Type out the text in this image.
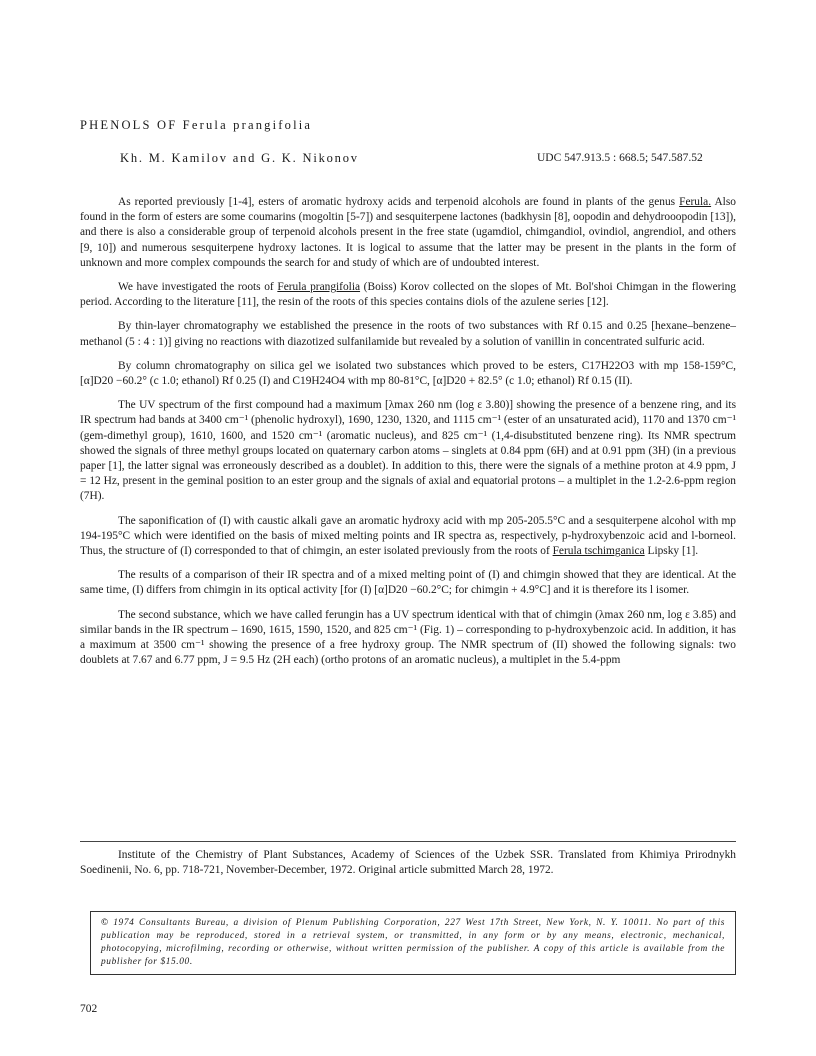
PHENOLS OF Ferula prangifolia
Kh. M. Kamilov and G. K. Nikonov	UDC 547.913.5 : 668.5; 547.587.52

As reported previously [1-4], esters of aromatic hydroxy acids and terpenoid alcohols are found in plants of the genus Ferula. Also found in the form of esters are some coumarins (mogoltin [5-7]) and sesquiterpene lactones (badkhysin [8], oopodin and dehydrooopodin [13]), and there is also a considerable group of terpenoid alcohols present in the free state (ugamdiol, chimgandiol, ovindiol, angrendiol, and others [9, 10]) and numerous sesquiterpene hydroxy lactones. It is logical to assume that the latter may be present in the plants in the form of unknown and more complex compounds the search for and study of which are of undoubted interest.

We have investigated the roots of Ferula prangifolia (Boiss) Korov collected on the slopes of Mt. Bol'shoi Chimgan in the flowering period. According to the literature [11], the resin of the roots of this species contains diols of the azulene series [12].

By thin-layer chromatography we established the presence in the roots of two substances with Rf 0.15 and 0.25 [hexane–benzene–methanol (5 : 4 : 1)] giving no reactions with diazotized sulfanilamide but revealed by a solution of vanillin in concentrated sulfuric acid.

By column chromatography on silica gel we isolated two substances which proved to be esters, C17H22O3 with mp 158-159°C, [α]D20 −60.2° (c 1.0; ethanol) Rf 0.25 (I) and C19H24O4 with mp 80-81°C, [α]D20 + 82.5° (c 1.0; ethanol) Rf 0.15 (II).

The UV spectrum of the first compound had a maximum [λmax 260 nm (log ε 3.80)] showing the presence of a benzene ring, and its IR spectrum had bands at 3400 cm⁻¹ (phenolic hydroxyl), 1690, 1230, 1320, and 1115 cm⁻¹ (ester of an unsaturated acid), 1170 and 1370 cm⁻¹ (gem-dimethyl group), 1610, 1600, and 1520 cm⁻¹ (aromatic nucleus), and 825 cm⁻¹ (1,4-disubstituted benzene ring). Its NMR spectrum showed the signals of three methyl groups located on quaternary carbon atoms – singlets at 0.84 ppm (6H) and at 0.91 ppm (3H) (in a previous paper [1], the latter signal was erroneously described as a doublet). In addition to this, there were the signals of a methine proton at 4.9 ppm, J = 12 Hz, present in the geminal position to an ester group and the signals of axial and equatorial protons – a multiplet in the 1.2-2.6-ppm region (7H).

The saponification of (I) with caustic alkali gave an aromatic hydroxy acid with mp 205-205.5°C and a sesquiterpene alcohol with mp 194-195°C which were identified on the basis of mixed melting points and IR spectra as, respectively, p-hydroxybenzoic acid and l-borneol. Thus, the structure of (I) corresponded to that of chimgin, an ester isolated previously from the roots of Ferula tschimganica Lipsky [1].

The results of a comparison of their IR spectra and of a mixed melting point of (I) and chimgin showed that they are identical. At the same time, (I) differs from chimgin in its optical activity [for (I) [α]D20 −60.2°C; for chimgin + 4.9°C] and it is therefore its l isomer.

The second substance, which we have called ferungin has a UV spectrum identical with that of chimgin (λmax 260 nm, log ε 3.85) and similar bands in the IR spectrum – 1690, 1615, 1590, 1520, and 825 cm⁻¹ (Fig. 1) – corresponding to p-hydroxybenzoic acid. In addition, it has a maximum at 3500 cm⁻¹ showing the presence of a free hydroxy group. The NMR spectrum of (II) showed the following signals: two doublets at 7.67 and 6.77 ppm, J = 9.5 Hz (2H each) (ortho protons of an aromatic nucleus), a multiplet in the 5.4-ppm

Institute of the Chemistry of Plant Substances, Academy of Sciences of the Uzbek SSR. Translated from Khimiya Prirodnykh Soedinenii, No. 6, pp. 718-721, November-December, 1972. Original article submitted March 28, 1972.
© 1974 Consultants Bureau, a division of Plenum Publishing Corporation, 227 West 17th Street, New York, N. Y. 10011. No part of this publication may be reproduced, stored in a retrieval system, or transmitted, in any form or by any means, electronic, mechanical, photocopying, microfilming, recording or otherwise, without written permission of the publisher. A copy of this article is available from the publisher for $15.00.
702
